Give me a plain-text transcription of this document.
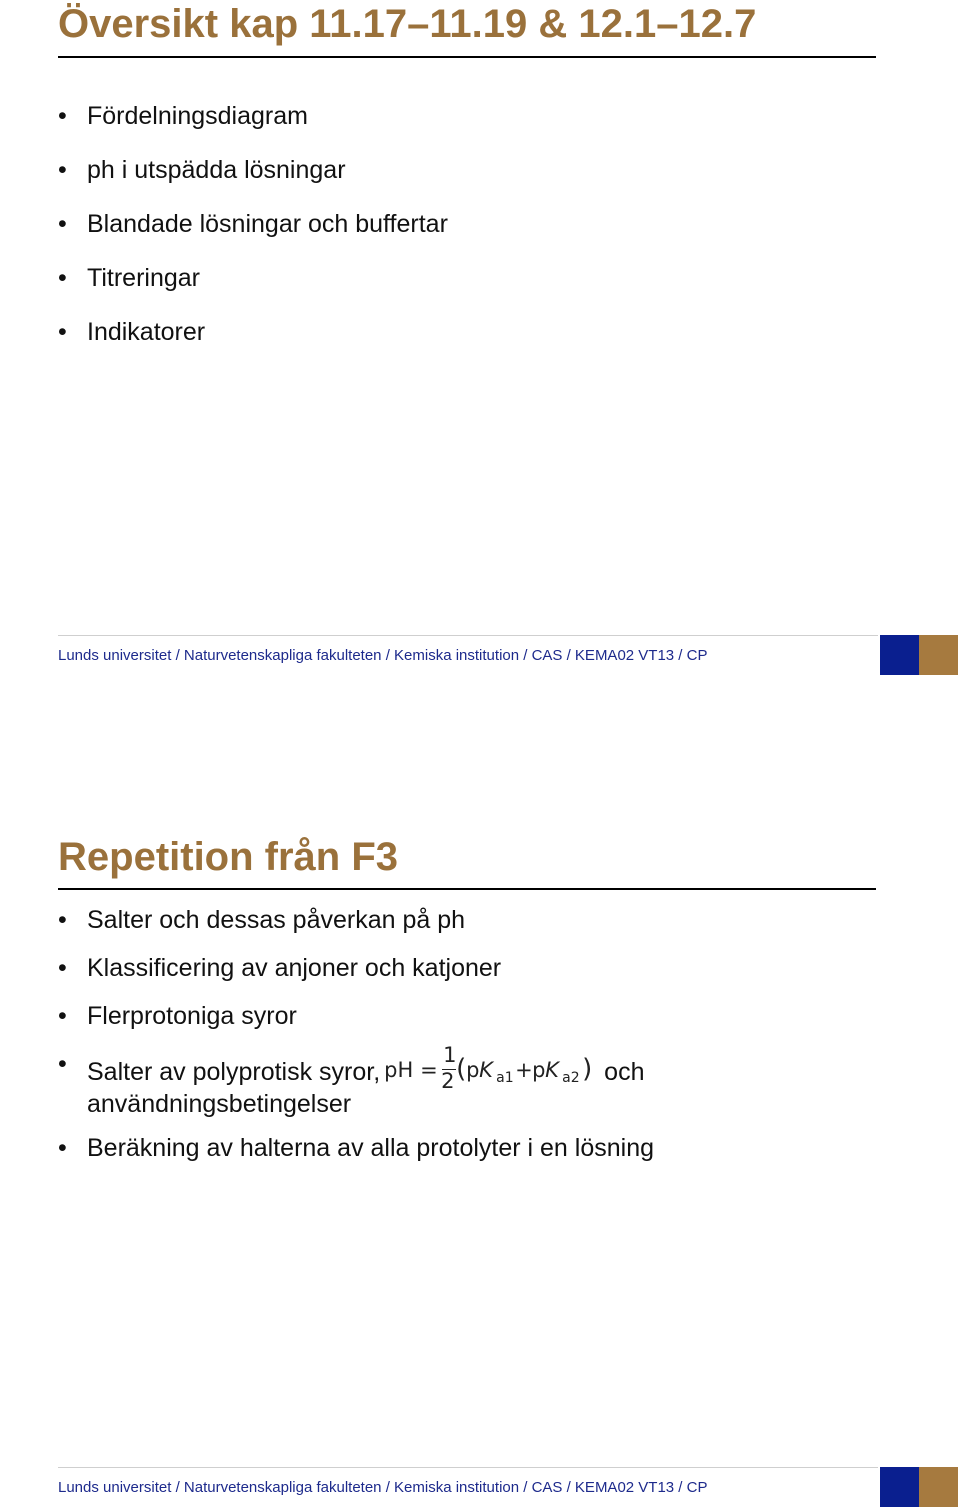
Översikt kap 11.17–11.19 & 12.1–12.7
• Fördelningsdiagram
• ph i utspädda lösningar
• Blandade lösningar och buffertar
• Titreringar
• Indikatorer
Lunds universitet / Naturvetenskapliga fakulteten / Kemiska institution / CAS / KEMA02 VT13 / CP
Repetition från F3
• Salter och dessas påverkan på ph
• Klassificering av anjoner och katjoner
• Flerprotoniga syror
• Salter av polyprotisk syror, pH =
1
2 ( p K a1 + p K a2 ) och
användningsbetingelser
• Beräkning av halterna av alla protolyter i en lösning
Lunds universitet / Naturvetenskapliga fakulteten / Kemiska institution / CAS / KEMA02 VT13 / CP
